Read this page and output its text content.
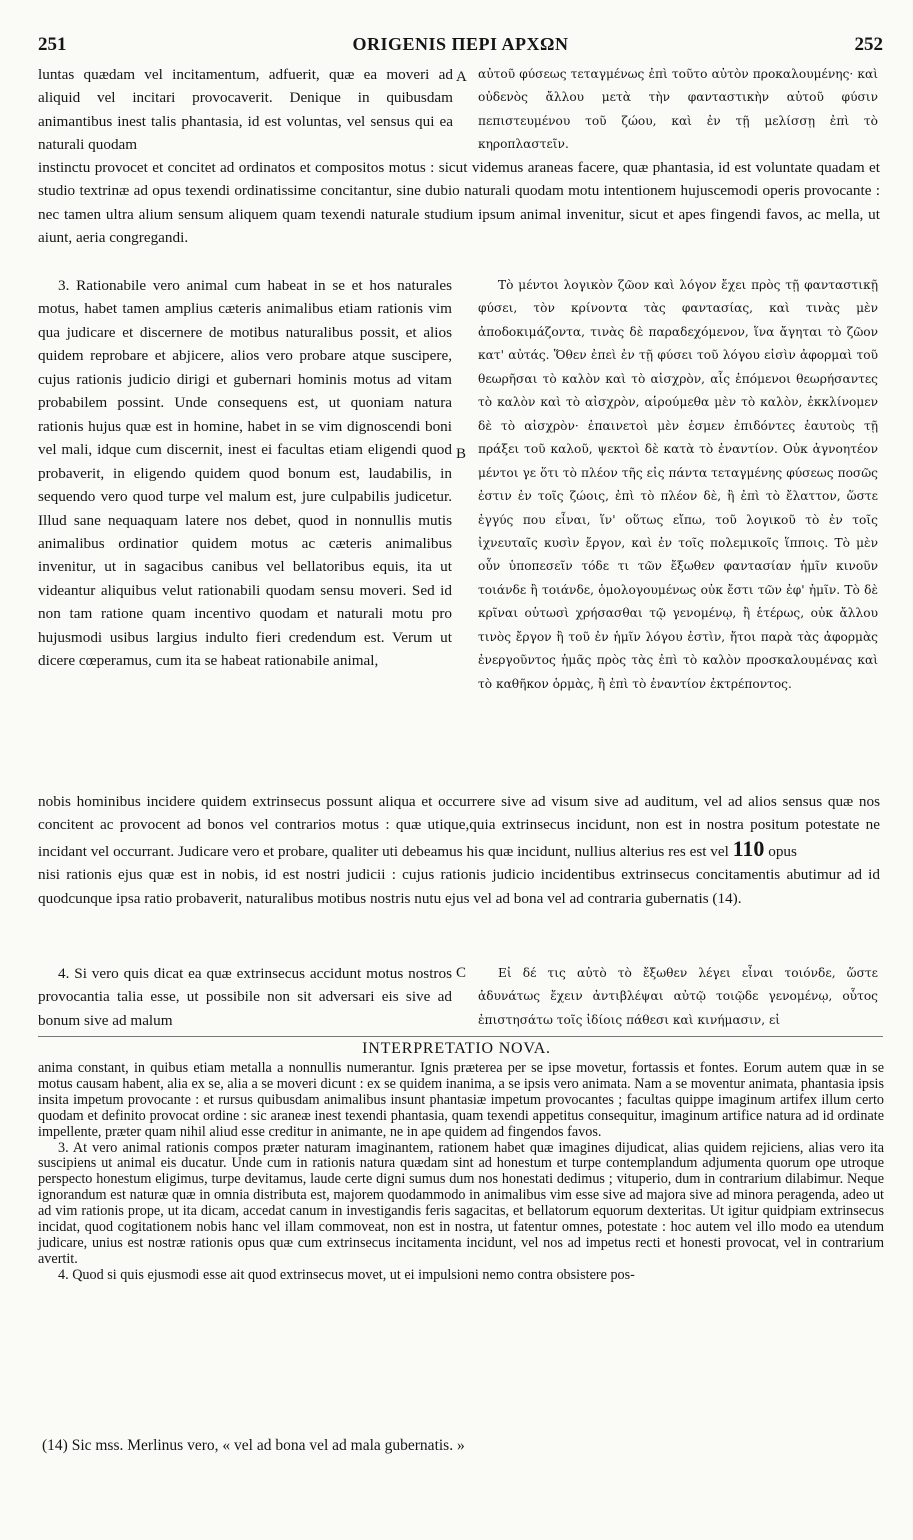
251	ORIGENIS ΠΕΡΙ ΑΡΧΩΝ	252

luntas quædam vel incitamentum, adfuerit, quæ ea moveri ad aliquid vel incitari provocaverit. Denique in quibusdam animantibus inest talis phantasia, id est voluntas, vel sensus qui ea naturali quodam

A αὐτοῦ φύσεως τεταγμένως ἐπὶ τοῦτο αὐτὸν προκαλουμένης· καὶ οὐδενὸς ἄλλου μετὰ τὴν φανταστικὴν αὐτοῦ φύσιν πεπιστευμένου τοῦ ζώου, καὶ ἐν τῇ μελίσσῃ ἐπὶ τὸ κηροπλαστεῖν.

instinctu provocet et concitet ad ordinatos et compositos motus : sicut videmus araneas facere, quæ phantasia, id est voluntate quadam et studio textrinæ ad opus texendi ordinatissime concitantur, sine dubio naturali quodam motu intentionem hujuscemodi operis provocante : nec tamen ultra alium sensum aliquem quam texendi naturale studium ipsum animal invenitur, sicut et apes fingendi favos, ac mella, ut aiunt, aeria congregandi.

3. Rationabile vero animal cum habeat in se et hos naturales motus, habet tamen amplius cæteris animalibus etiam rationis vim qua judicare et discernere de motibus naturalibus possit, et alios quidem reprobare et abjicere, alios vero probare atque suscipere, cujus rationis judicio dirigi et gubernari hominis motus ad vitam probabilem possint. Unde consequens est, ut quoniam natura rationis hujus quæ est in homine, habet in se vim dignoscendi boni vel mali, idque cum discernit, inest ei facultas etiam eligendi quod probaverit, in eligendo quidem quod bonum est, laudabilis, in sequendo vero quod turpe vel malum est, jure culpabilis judicetur. Illud sane nequaquam latere nos debet, quod in nonnullis mutis animalibus ordinatior quidem motus ac cæteris animalibus invenitur, ut in sagacibus canibus vel bellatoribus equis, ita ut videantur aliquibus velut rationabili quodam sensu moveri. Sed id non tam ratione quam incentivo quodam et naturali motu pro hujusmodi usibus largius indulto fieri credendum est. Verum ut dicere cœperamus, cum ita se habeat rationabile animal,

B

Τὸ μέντοι λογικὸν ζῶον καὶ λόγον ἔχει πρὸς τῇ φανταστικῇ φύσει, τὸν κρίνοντα τὰς φαντασίας, καὶ τινὰς μὲν ἀποδοκιμάζοντα, τινὰς δὲ παραδεχόμενον, ἵνα ἄγηται τὸ ζῶον κατ' αὐτάς. Ὅθεν ἐπεὶ ἐν τῇ φύσει τοῦ λόγου εἰσὶν ἀφορμαὶ τοῦ θεωρῆσαι τὸ καλὸν καὶ τὸ αἰσχρὸν, αἷς ἑπόμενοι θεωρήσαντες τὸ καλὸν καὶ τὸ αἰσχρὸν, αἱρούμεθα μὲν τὸ καλὸν, ἐκκλίνομεν δὲ τὸ αἰσχρὸν· ἐπαινετοὶ μὲν ἐσμεν ἐπιδόντες ἑαυτοὺς τῇ πράξει τοῦ καλοῦ, ψεκτοὶ δὲ κατὰ τὸ ἐναντίον. Οὐκ ἀγνοητέον μέντοι γε ὅτι τὸ πλέον τῆς εἰς πάντα τεταγμένης φύσεως ποσῶς ἐστιν ἐν τοῖς ζώοις, ἐπὶ τὸ πλέον δὲ, ἢ ἐπὶ τὸ ἔλαττον, ὥστε ἐγγύς που εἶναι, ἵν' οὕτως εἴπω, τοῦ λογικοῦ τὸ ἐν τοῖς ἰχνευταῖς κυσὶν ἔργον, καὶ ἐν τοῖς πολεμικοῖς ἵπποις. Τὸ μὲν οὖν ὑποπεσεῖν τόδε τι τῶν ἔξωθεν φαντασίαν ἡμῖν κινοῦν τοιάνδε ἢ τοιάνδε, ὁμολογουμένως οὐκ ἔστι τῶν ἐφ' ἡμῖν. Τὸ δὲ κρῖναι οὑτωσὶ χρήσασθαι τῷ γενομένῳ, ἢ ἑτέρως, οὐκ ἄλλου τινὸς ἔργον ἢ τοῦ ἐν ἡμῖν λόγου ἐστὶν, ἤτοι παρὰ τὰς ἀφορμὰς ἐνεργοῦντος ἡμᾶς πρὸς τὰς ἐπὶ τὸ καλὸν προσκαλουμένας καὶ τὸ καθῆκον ὁρμὰς, ἢ ἐπὶ τὸ ἐναντίον ἐκτρέποντος.

nobis hominibus incidere quidem extrinsecus possunt aliqua et occurrere sive ad visum sive ad auditum, vel ad alios sensus quæ nos concitent ac provocent ad bonos vel contrarios motus : quæ utique,quia extrinsecus incidunt, non est in nostra positum potestate ne incidant vel occurrant. Judicare vero et probare, qualiter uti debeamus his quæ incidunt, nullius alterius res est vel 110 opus

nisi rationis ejus quæ est in nobis, id est nostri judicii : cujus rationis judicio incidentibus extrinsecus concitamentis abutimur ad id quodcunque ipsa ratio probaverit, naturalibus motibus nostris nutu ejus vel ad bona vel ad contraria gubernatis (14).

4. Si vero quis dicat ea quæ extrinsecus accidunt motus nostros provocantia talia esse, ut possibile non sit adversari eis sive ad bonum sive ad malum

C	Εἰ δέ τις αὐτὸ τὸ ἔξωθεν λέγει εἶναι τοιόνδε, ὥστε ἀδυνάτως ἔχειν ἀντιβλέψαι αὐτῷ τοιῷδε γενομένῳ, οὗτος ἐπιστησάτω τοῖς ἰδίοις πάθεσι καὶ κινήμασιν, εἰ

INTERPRETATIO NOVA.

anima constant, in quibus etiam metalla a nonnullis numerantur. Ignis præterea per se ipse movetur, fortassis et fontes. Eorum autem quæ in se motus causam habent, alia ex se, alia a se moveri dicunt : ex se quidem inanima, a se ipsis vero animata. Nam a se moventur animata, phantasia ipsis insita impetum provocante : et rursus quibusdam animalibus insunt phantasiæ impetum provocantes ; facultas quippe imaginum artifex illum certo quodam et definito provocat ordine : sic araneæ inest texendi phantasia, quam texendi appetitus consequitur, imaginum artifice natura ad id ordinate impellente, præter quam nihil aliud esse creditur in animante, ne in ape quidem ad fingendos favos.

3. At vero animal rationis compos præter naturam imaginantem, rationem habet quæ imagines dijudicat, alias quidem rejiciens, alias vero ita suscipiens ut animal eis ducatur. Unde cum in rationis natura quædam sint ad honestum et turpe contemplandum adjumenta quorum ope utroque perspecto honestum eligimus, turpe devitamus, laude certe digni sumus dum nos honestati dedimus ; vituperio, dum in contrarium dilabimur. Neque ignorandum est naturæ quæ in omnia distributa est, majorem quodammodo in animalibus vim esse sive ad majora sive ad minora peragenda, adeo ut ad vim rationis prope, ut ita dicam, accedat canum in investigandis feris sagacitas, et bellatorum equorum dexteritas. Ut igitur quidpiam extrinsecus incidat, quod cogitationem nobis hanc vel illam commoveat, non est in nostra, ut fatentur omnes, potestate : hoc autem vel illo modo ea utendum judicare, unius est nostræ rationis opus quæ cum extrinsecus incitamenta incidunt, vel nos ad impetus recti et honesti provocat, vel in contrarium avertit.

4. Quod si quis ejusmodi esse ait quod extrinsecus movet, ut ei impulsioni nemo contra obsistere pos-

(14) Sic mss. Merlinus vero, « vel ad bona vel ad mala gubernatis. »
